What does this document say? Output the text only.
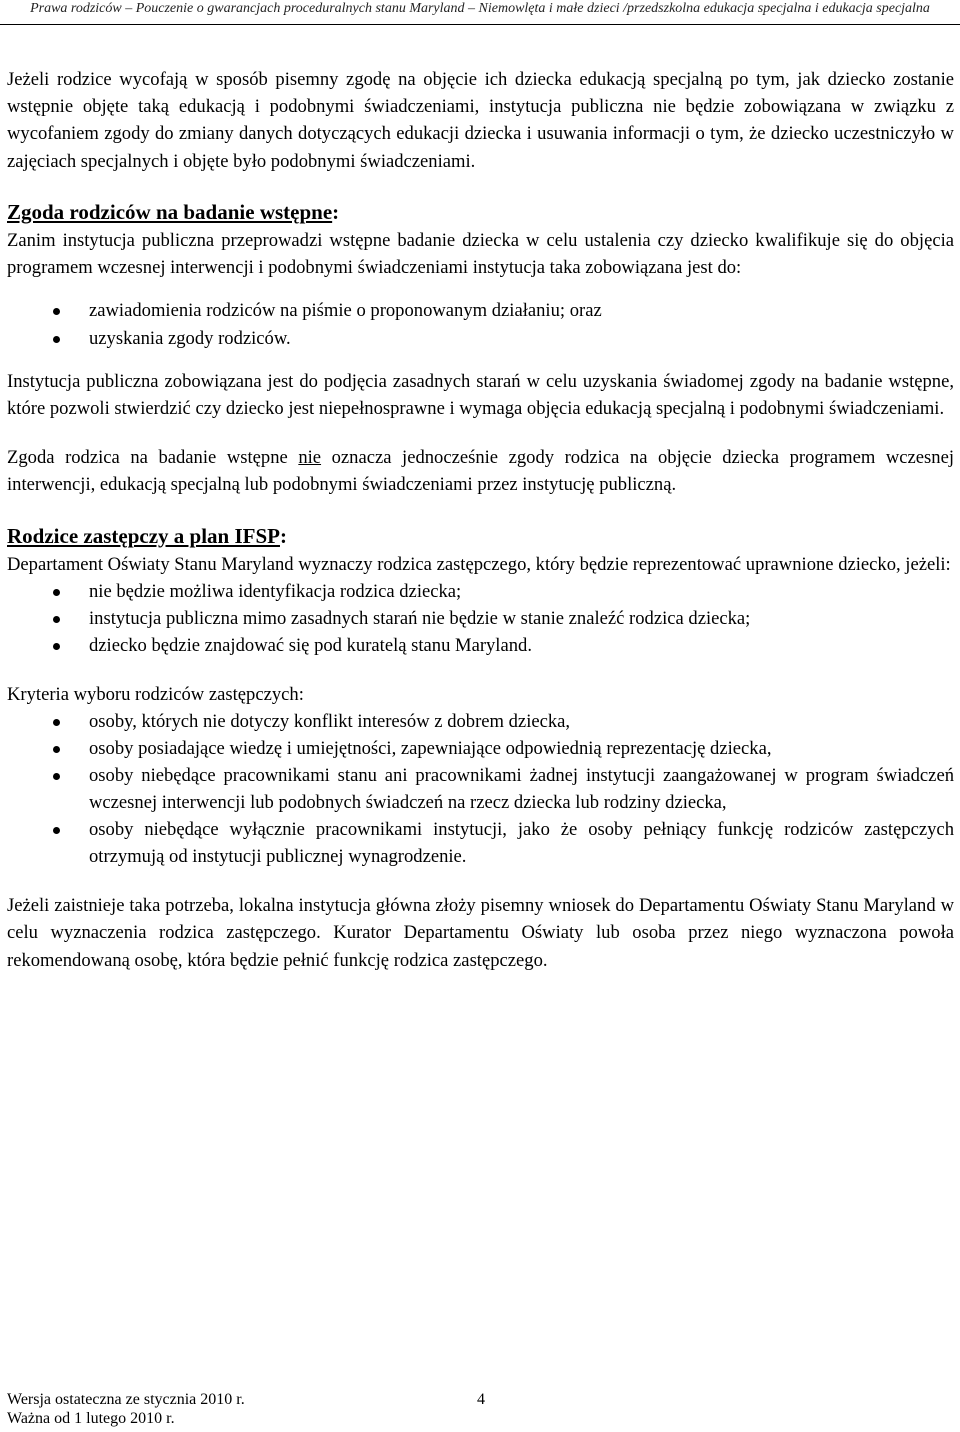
Prawa rodziców – Pouczenie o gwarancjach proceduralnych stanu Maryland – Niemowlęta i małe dzieci /przedszkolna edukacja specjalna i edukacja specjalna

Jeżeli rodzice wycofają w sposób pisemny zgodę na objęcie ich dziecka edukacją specjalną po tym, jak dziecko zostanie wstępnie objęte taką edukacją i podobnymi świadczeniami, instytucja publiczna nie będzie zobowiązana w związku z wycofaniem zgody do zmiany danych dotyczących edukacji dziecka i usuwania informacji o tym, że dziecko uczestniczyło w zajęciach specjalnych i objęte było podobnymi świadczeniami.

Zgoda rodziców na badanie wstępne:

Zanim instytucja publiczna przeprowadzi wstępne badanie dziecka w celu ustalenia czy dziecko kwalifikuje się do objęcia programem wczesnej interwencji i podobnymi świadczeniami instytucja taka zobowiązana jest do:

zawiadomienia rodziców na piśmie o proponowanym działaniu; oraz
uzyskania zgody rodziców.

Instytucja publiczna zobowiązana jest do podjęcia zasadnych starań w celu uzyskania świadomej zgody na badanie wstępne, które pozwoli stwierdzić czy dziecko jest niepełnosprawne i wymaga objęcia edukacją specjalną i podobnymi świadczeniami.

Zgoda rodzica na badanie wstępne nie oznacza jednocześnie zgody rodzica na objęcie dziecka programem wczesnej interwencji, edukacją specjalną lub podobnymi świadczeniami przez instytucję publiczną.

Rodzice zastępczy a plan IFSP:

Departament Oświaty Stanu Maryland wyznaczy rodzica zastępczego, który będzie reprezentować uprawnione dziecko, jeżeli:

nie będzie możliwa identyfikacja rodzica dziecka;
instytucja publiczna mimo zasadnych starań nie będzie w stanie znaleźć rodzica dziecka;
dziecko będzie znajdować się pod kuratelą stanu Maryland.

Kryteria wyboru rodziców zastępczych:

osoby, których nie dotyczy konflikt interesów z dobrem dziecka,
osoby posiadające wiedzę i umiejętności, zapewniające odpowiednią reprezentację dziecka,
osoby niebędące pracownikami stanu ani pracownikami żadnej instytucji zaangażowanej w program świadczeń wczesnej interwencji lub podobnych świadczeń na rzecz dziecka lub rodziny dziecka,
osoby niebędące wyłącznie pracownikami instytucji, jako że osoby pełniący funkcję rodziców zastępczych otrzymują od instytucji publicznej wynagrodzenie.

Jeżeli zaistnieje taka potrzeba, lokalna instytucja główna złoży pisemny wniosek do Departamentu Oświaty Stanu Maryland w celu wyznaczenia rodzica zastępczego. Kurator Departamentu Oświaty lub osoba przez niego wyznaczona powoła rekomendowaną osobę, która będzie pełnić funkcję rodzica zastępczego.

Wersja ostateczna ze stycznia 2010 r.
Ważna od 1 lutego 2010 r.
4
